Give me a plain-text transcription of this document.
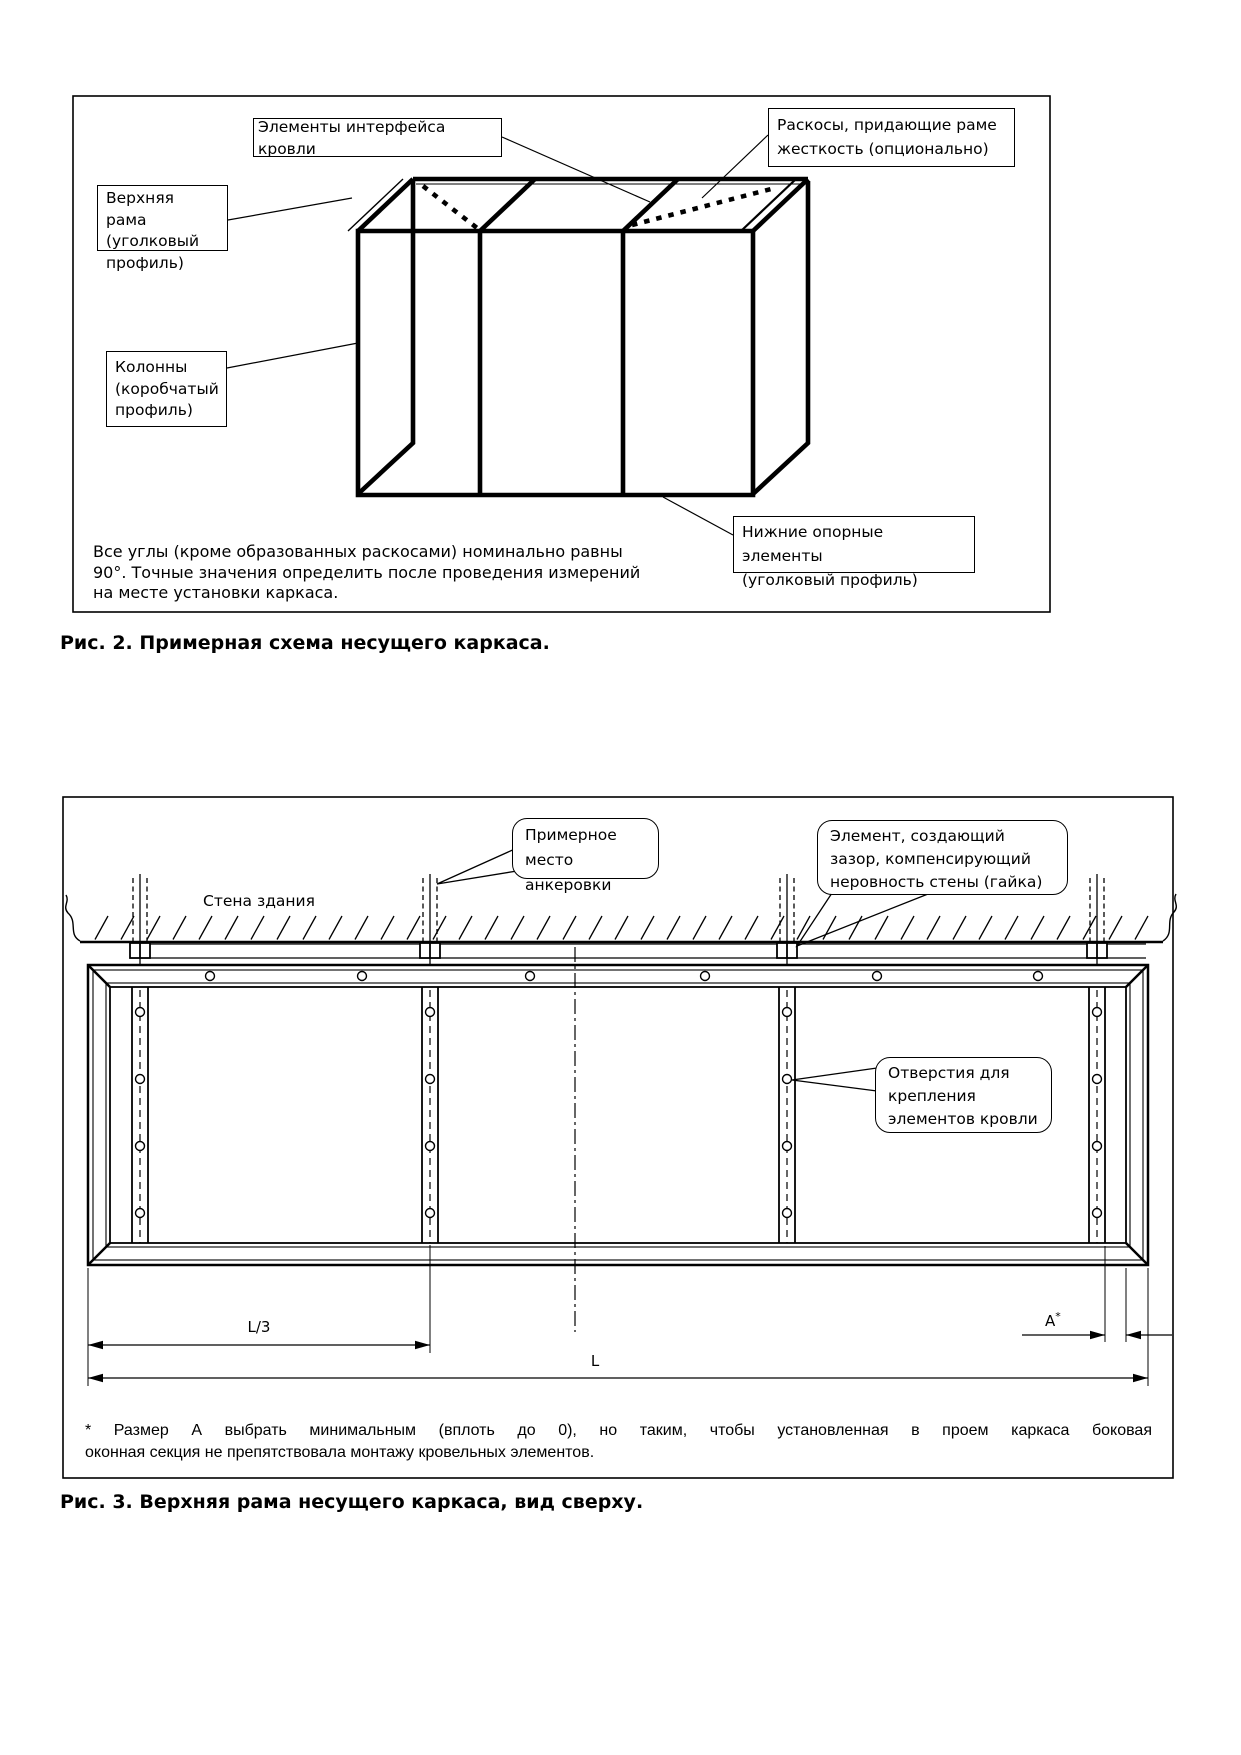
Элементы интерфейса кровли
Раскосы, придающие раме
жесткость (опционально)
Верхняя рама
(уголковый
профиль)
Колонны
(коробчатый
профиль)
Нижние опорные элементы
(уголковый профиль)
Все углы (кроме образованных раскосами) номинально равны
90°. Точные значения определить после проведения измерений
на месте установки каркаса.
Рис. 2. Примерная схема несущего каркаса.
Стена здания
Примерное место
анкеровки
Элемент, создающий
зазор, компенсирующий
неровность стены (гайка)
Отверстия для
крепления
элементов кровли
L/3
L
А*
* Размер А выбрать минимальным (вплоть до 0), но таким, чтобы установленная в проем каркаса боковая
оконная секция не препятствовала монтажу кровельных элементов.
Рис. 3. Верхняя рама несущего каркаса, вид сверху.
